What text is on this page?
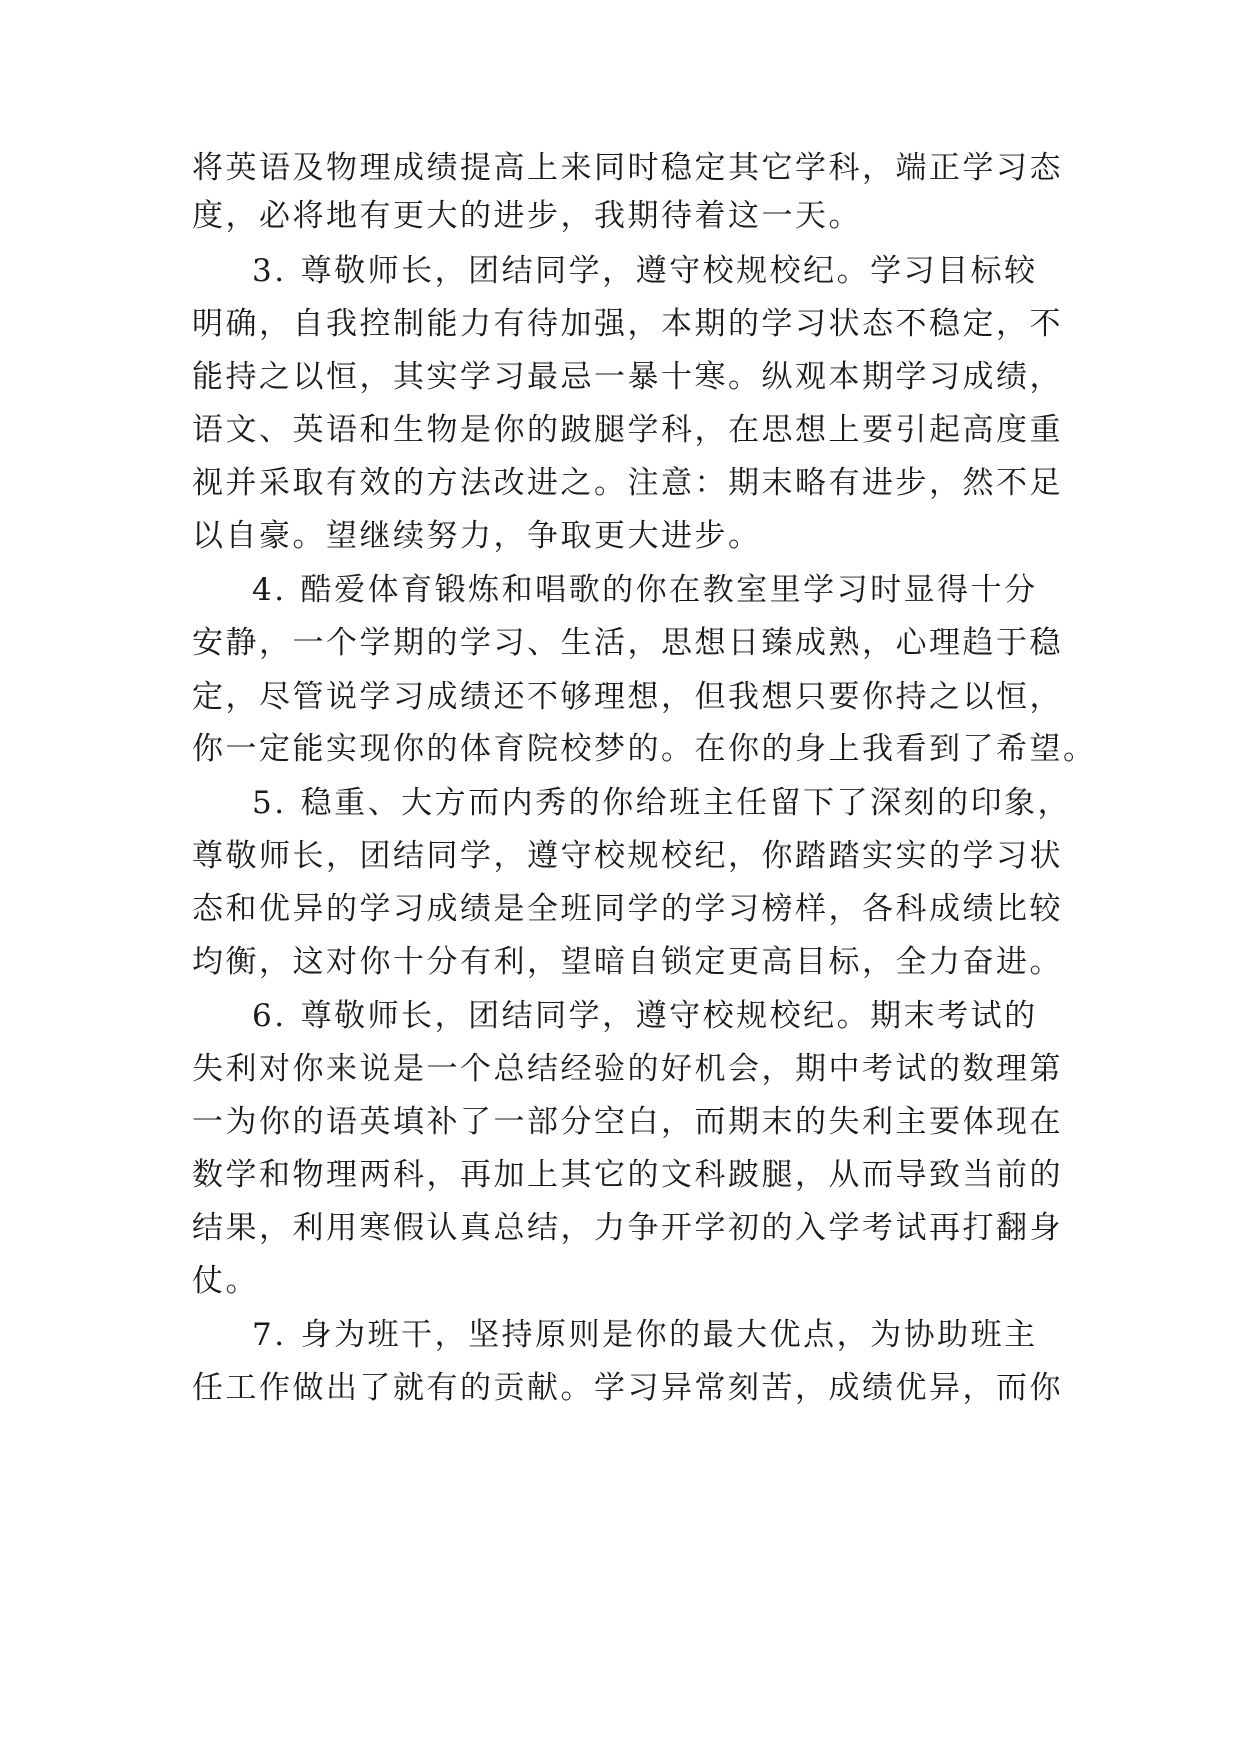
将英语及物理成绩提高上来同时稳定其它学科，端正学习态
度，必将地有更大的进步，我期待着这一天。
3. 尊敬师长，团结同学，遵守校规校纪。学习目标较
明确，自我控制能力有待加强，本期的学习状态不稳定，不
能持之以恒，其实学习最忌一暴十寒。纵观本期学习成绩，
语文、英语和生物是你的跛腿学科，在思想上要引起高度重
视并采取有效的方法改进之。注意：期末略有进步，然不足
以自豪。望继续努力，争取更大进步。
4. 酷爱体育锻炼和唱歌的你在教室里学习时显得十分
安静，一个学期的学习、生活，思想日臻成熟，心理趋于稳
定，尽管说学习成绩还不够理想，但我想只要你持之以恒，
你一定能实现你的体育院校梦的。在你的身上我看到了希望。
5. 稳重、大方而内秀的你给班主任留下了深刻的印象，
尊敬师长，团结同学，遵守校规校纪，你踏踏实实的学习状
态和优异的学习成绩是全班同学的学习榜样，各科成绩比较
均衡，这对你十分有利，望暗自锁定更高目标，全力奋进。
6. 尊敬师长，团结同学，遵守校规校纪。期末考试的
失利对你来说是一个总结经验的好机会，期中考试的数理第
一为你的语英填补了一部分空白，而期末的失利主要体现在
数学和物理两科，再加上其它的文科跛腿，从而导致当前的
结果，利用寒假认真总结，力争开学初的入学考试再打翻身
仗。
7. 身为班干，坚持原则是你的最大优点，为协助班主
任工作做出了就有的贡献。学习异常刻苦，成绩优异，而你
